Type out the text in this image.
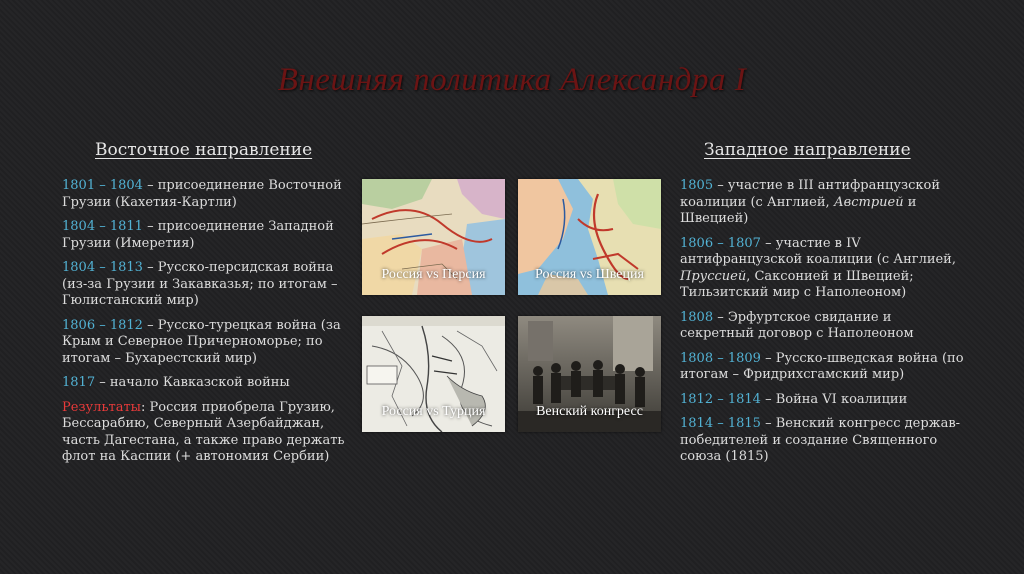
Внешняя политика Александра I
Восточное направление	Западное направление

1801 – 1804 – присоединение Восточной Грузии (Кахетия-Картли)

1804 – 1811 – присоединение Западной Грузии (Имеретия)

1804 – 1813 – Русско-персидская война (из-за Грузии и Закавказья; по итогам – Гюлистанский мир)

1806 – 1812 – Русско-турецкая война (за Крым и Северное Причерноморье; по итогам – Бухарестский мир)

1817 – начало Кавказской войны

Результаты: Россия приобрела Грузию, Бессарабию, Северный Азербайджан, часть Дагестана, а также право держать флот на Каспии (+ автономия Сербии)

1805 – участие в III антифранцузской коалиции (с Англией, Австрией и Швецией)

1806 – 1807 – участие в IV антифранцузской коалиции (с Англией, Пруссией, Саксонией и Швецией; Тильзитский мир с Наполеоном)

1808 – Эрфуртское свидание и секретный договор с Наполеоном

1808 – 1809 – Русско-шведская война (по итогам – Фридрихсгамский мир)

1812 – 1814 – Война VI коалиции

1814 – 1815 – Венский конгресс держав-победителей и создание Священного союза (1815)

Россия vs Персия	Россия vs Швеция
Россия vs Турция	Венский конгресс
